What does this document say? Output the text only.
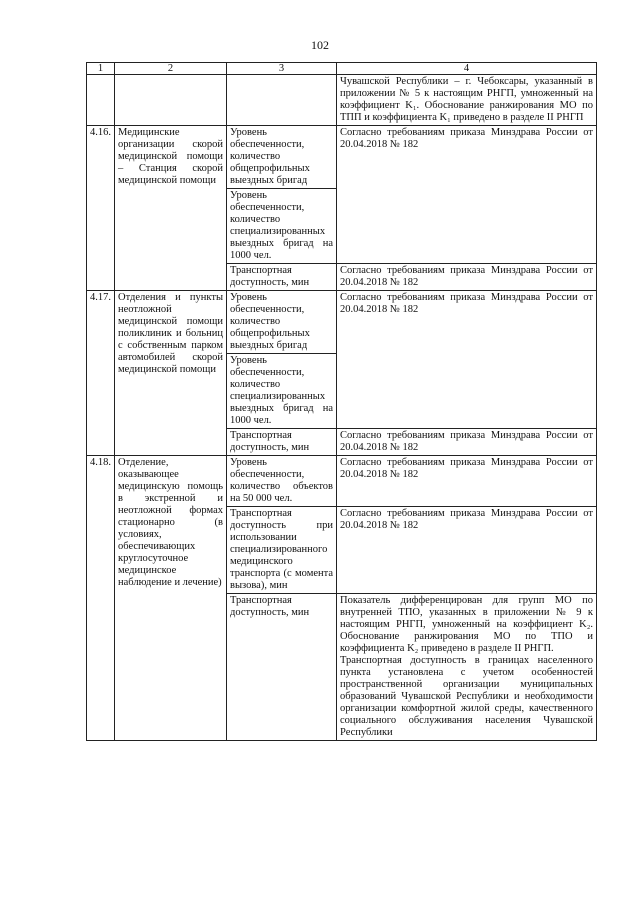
102
1	2	3	4
			Чувашской Республики – г. Чебоксары, указанный в приложении № 5 к настоящим РНГП, умноженный на коэффициент K₁. Обоснование ранжирования МО по ТПП и коэффициента K₁ приведено в разделе II РНГП
4.16.	Медицинские организации скорой медицинской помощи – Станция скорой медицинской помощи	Уровень обеспеченности, количество общепрофильных выездных бригад	Согласно требованиям приказа Минздрава России от 20.04.2018 № 182
		Уровень обеспеченности, количество специализированных выездных бригад на 1000 чел.	
		Транспортная доступность, мин	Согласно требованиям приказа Минздрава России от 20.04.2018 № 182
4.17.	Отделения и пункты неотложной медицинской помощи поликлиник и больниц с собственным парком автомобилей скорой медицинской помощи	Уровень обеспеченности, количество общепрофильных выездных бригад	Согласно требованиям приказа Минздрава России от 20.04.2018 № 182
		Уровень обеспеченности, количество специализированных выездных бригад на 1000 чел.	
		Транспортная доступность, мин	Согласно требованиям приказа Минздрава России от 20.04.2018 № 182
4.18.	Отделение, оказывающее медицинскую помощь в экстренной и неотложной формах стационарно (в условиях, обеспечивающих круглосуточное медицинское наблюдение и лечение)	Уровень обеспеченности, количество объектов на 50 000 чел.	Согласно требованиям приказа Минздрава России от 20.04.2018 № 182
		Транспортная доступность при использовании специализированного медицинского транспорта (с момента вызова), мин	Согласно требованиям приказа Минздрава России от 20.04.2018 № 182
		Транспортная доступность, мин	Показатель дифференцирован для групп МО по внутренней ТПО, указанных в приложении № 9 к настоящим РНГП, умноженный на коэффициент K₂. Обоснование ранжирования МО по ТПО и коэффициента K₂ приведено в разделе II РНГП.
Транспортная доступность в границах населенного пункта установлена с учетом особенностей пространственной организации муниципальных образований Чувашской Республики и необходимости организации комфортной жилой среды, качественного социального обслуживания населения Чувашской Республики
